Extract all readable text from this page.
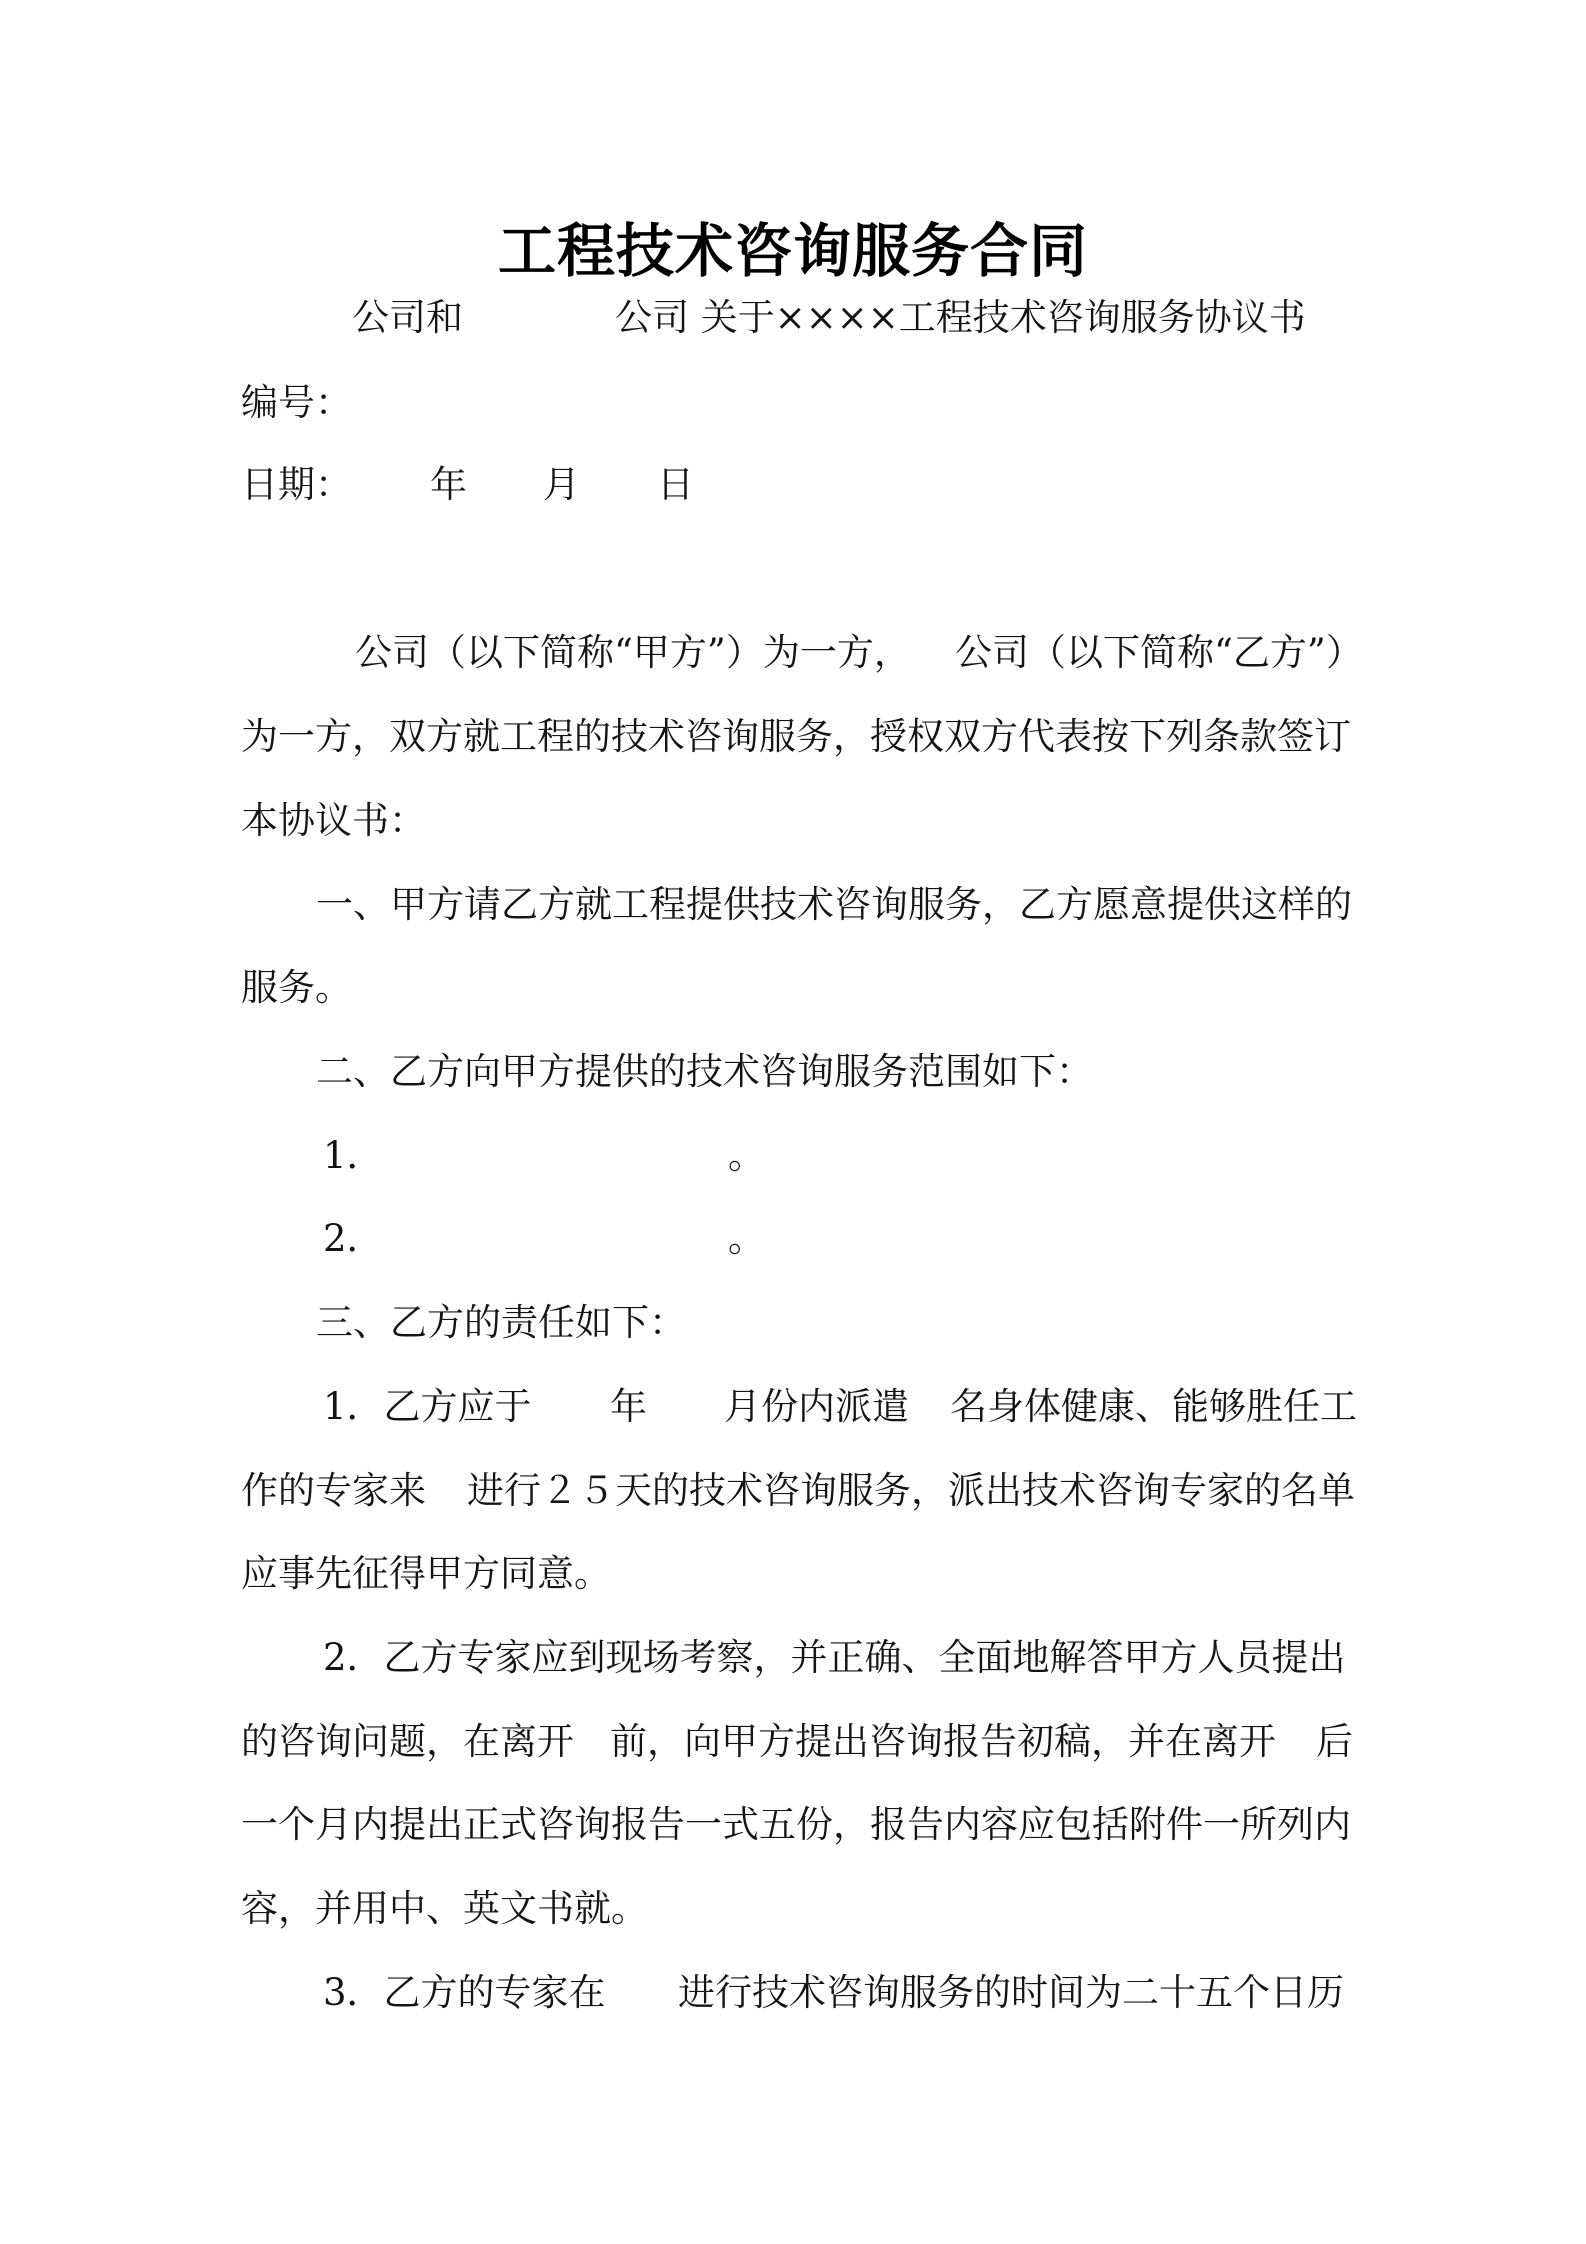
工程技术咨询服务合同
公司和	公司 关于××××工程技术咨询服务协议书
编号：
日期： 年 月 日
公司（以下简称“甲方”）为一方， 公司（以下简称“乙方”）
为一方，双方就工程的技术咨询服务，授权双方代表按下列条款签订
本协议书：
一、甲方请乙方就工程提供技术咨询服务，乙方愿意提供这样的
服务。
二、乙方向甲方提供的技术咨询服务范围如下：
1．	。
2．	。
三、乙方的责任如下：
1．乙方应于 年 月份内派遣 名身体健康、能够胜任工
作的专家来 进行２５天的技术咨询服务，派出技术咨询专家的名单
应事先征得甲方同意。
2．乙方专家应到现场考察，并正确、全面地解答甲方人员提出
的咨询问题，在离开 前，向甲方提出咨询报告初稿，并在离开 后
一个月内提出正式咨询报告一式五份，报告内容应包括附件一所列内
容，并用中、英文书就。
3．乙方的专家在 进行技术咨询服务的时间为二十五个日历
